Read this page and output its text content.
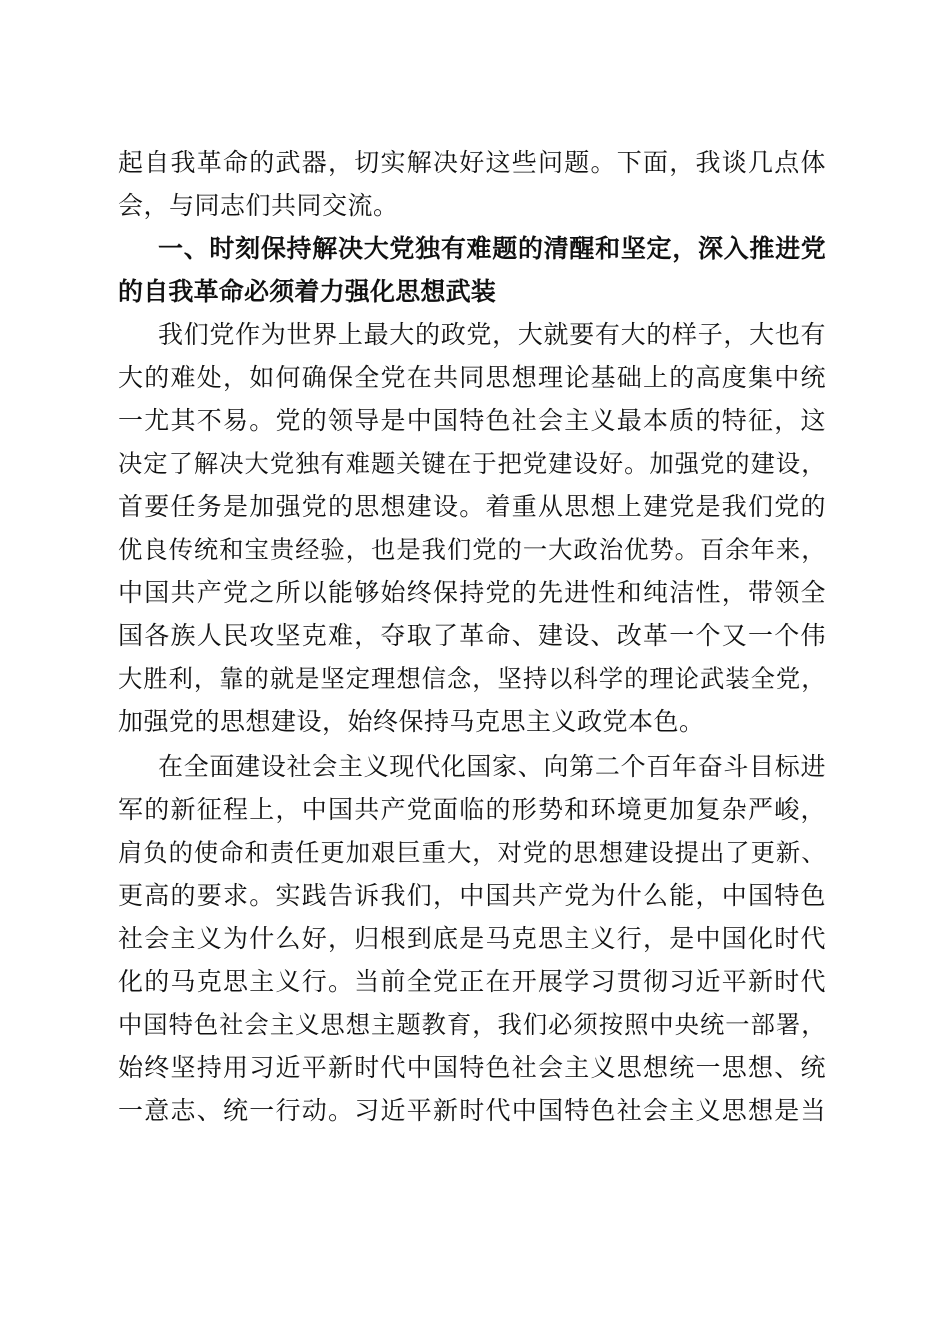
起自我革命的武器，切实解决好这些问题。下面，我谈几点体
会，与同志们共同交流。

一、时刻保持解决大党独有难题的清醒和坚定，深入推进党
的自我革命必须着力强化思想武装

我们党作为世界上最大的政党，大就要有大的样子，大也有
大的难处，如何确保全党在共同思想理论基础上的高度集中统
一尤其不易。党的领导是中国特色社会主义最本质的特征，这
决定了解决大党独有难题关键在于把党建设好。加强党的建设，
首要任务是加强党的思想建设。着重从思想上建党是我们党的
优良传统和宝贵经验，也是我们党的一大政治优势。百余年来，
中国共产党之所以能够始终保持党的先进性和纯洁性，带领全
国各族人民攻坚克难，夺取了革命、建设、改革一个又一个伟
大胜利，靠的就是坚定理想信念，坚持以科学的理论武装全党，
加强党的思想建设，始终保持马克思主义政党本色。

在全面建设社会主义现代化国家、向第二个百年奋斗目标进
军的新征程上，中国共产党面临的形势和环境更加复杂严峻，
肩负的使命和责任更加艰巨重大，对党的思想建设提出了更新、
更高的要求。实践告诉我们，中国共产党为什么能，中国特色
社会主义为什么好，归根到底是马克思主义行，是中国化时代
化的马克思主义行。当前全党正在开展学习贯彻习近平新时代
中国特色社会主义思想主题教育，我们必须按照中央统一部署，
始终坚持用习近平新时代中国特色社会主义思想统一思想、统
一意志、统一行动。习近平新时代中国特色社会主义思想是当
